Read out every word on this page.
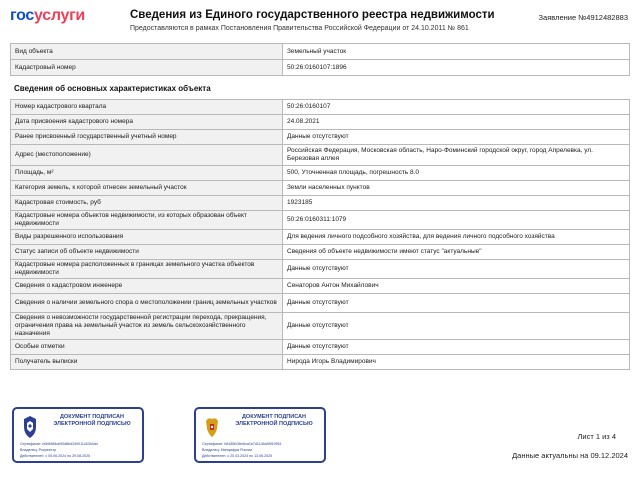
госуслуги	Сведения из Единого государственного реестра недвижимости
Предоставляются в рамках Постановления Правительства Российской Федерации от 24.10.2011 № 861
Заявление №4912482883
Вид объекта	Земельный участок
Кадастровый номер	50:26:0160107:1896
Сведения об основных характеристиках объекта
Номер кадастрового квартала	50:26:0160107
Дата присвоения кадастрового номера	24.08.2021
Ранее присвоенный государственный учетный номер	Данные отсутствуют
Адрес (местоположение)	Российская Федерация, Московская область, Наро-Фоминский городской округ, город Апрелевка, ул. Березовая аллея
Площадь, м²	500, Уточненная площадь, погрешность 8.0
Категория земель, к которой отнесен земельный участок	Земли населенных пунктов
Кадастровая стоимость, руб	1923185
Кадастровые номера объектов недвижимости, из которых образован объект недвижимости	50:26:0160311:1079
Виды разрешенного использования	Для ведения личного подсобного хозяйства, для ведения личного подсобного хозяйства
Статус записи об объекте недвижимости	Сведения об объекте недвижимости имеют статус "актуальные"
Кадастровые номера расположенных в границах земельного участка объектов недвижимости	Данные отсутствуют
Сведения о кадастровом инженере	Сенаторов Антон Михайлович
Сведения о наличии земельного спора о местоположении границ земельных участков	Данные отсутствуют
Сведения о невозможности государственной регистрации перехода, прекращения, ограничения права на земельный участок из земель сельскохозяйственного назначения	Данные отсутствуют
Особые отметки	Данные отсутствуют
Получатель выписки	Нирода Игорь Владимирович
ДОКУМЕНТ ПОДПИСАН ЭЛЕКТРОННОЙ ПОДПИСЬЮ
Сертификат: b0b6984cb90d8bd349011c5344cfc
Владелец: Росреестр
Действителен: с 05.06.2024 по 29.08.2025
ДОКУМЕНТ ПОДПИСАН ЭЛЕКТРОННОЙ ПОДПИСЬЮ
Сертификат: b8185fc3be6ca1b7d11d4a95f19951
Владелец: Минцифры России
Действителен: с 20.03.2024 по 13.06.2025
Лист 1 из 4
Данные актуальны на 09.12.2024
